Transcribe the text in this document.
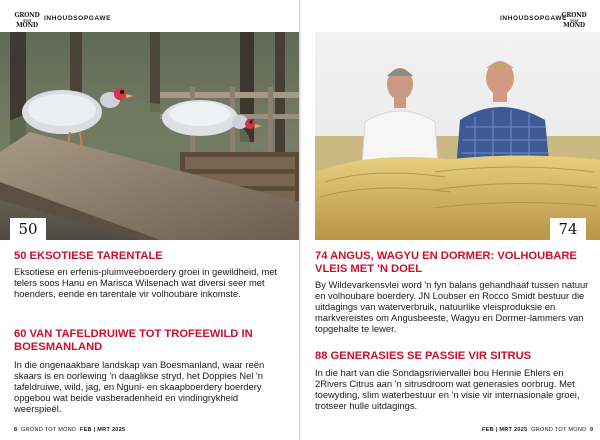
GROND
TOT
MOND
INHOUDSOPGAWE
50
50 EKSOTIESE TARENTALE
Eksotiese en erfenis-pluimveeboerdery groei in gewildheid, met telers soos Hanu en Marisca Wilsenach wat diversi seer met hoenders, eende en tarentale vir volhoubare inkomste.
60 VAN TAFELDRUIWE TOT TROFEEWILD IN BOESMANLAND
In die ongenaakbare landskap van Boesmanland, waar reën skaars is en oorlewing 'n daaglikse stryd, het Doppies Nel 'n tafeldruiwe, wild, jag, en Nguni- en skaapboerdery boerdery opgebou wat beide vasberadenheid en vindingrykheid weerspieël.
8 GROND TOT MOND FEB | MRT 2025
INHOUDSOPGAWE
GROND
TOT
MOND
74
74 ANGUS, WAGYU EN DORMER: VOLHOUBARE VLEIS MET 'N DOEL
By Wildevarkensvlei word 'n fyn balans gehandhaaf tussen natuur en volhoubare boerdery. JN Loubser en Rocco Smidt bestuur die uitdagings van waterverbruik, natuurlike vleisproduksie en markvereistes om Angusbeeste, Wagyu en Dormer-lammers van topgehalte te lewer.
88 GENERASIES SE PASSIE VIR SITRUS
In die hart van die Sondagsriviervallei bou Hennie Ehlers en 2Rivers Citrus aan 'n sitrusdroom wat generasies oorbrug. Met toewyding, slim waterbestuur en 'n visie vir internasionale groei, trotseer hulle uitdagings.
FEB | MRT 2025 GROND TOT MOND 9
